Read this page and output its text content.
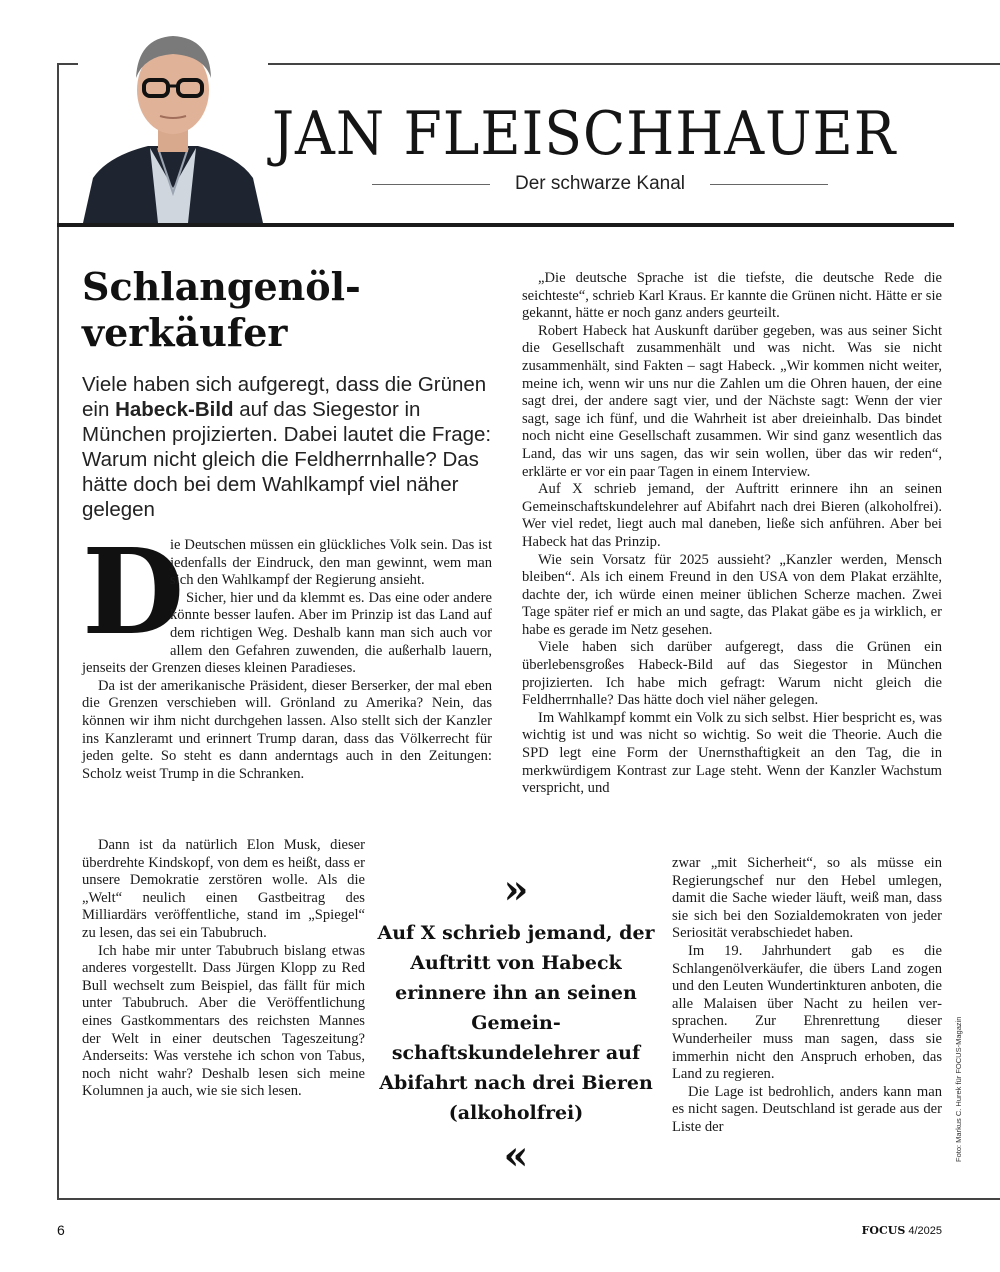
JAN FLEISCHHAUER
Der schwarze Kanal
Schlangenöl-
verkäufer
Viele haben sich aufgeregt, dass die Grünen ein Habeck-Bild auf das Siegestor in München projizierten. Dabei lautet die Frage: Warum nicht gleich die Feldherrnhalle? Das hätte doch bei dem Wahlkampf viel näher gelegen
D

ie Deutschen müssen ein glückliches Volk sein. Das ist jedenfalls der Eindruck, den man gewinnt, wem man sich den Wahlkampf der Regierung ansieht.

Sicher, hier und da klemmt es. Das eine oder andere könnte besser laufen. Aber im Prinzip ist das Land auf dem richtigen Weg. Deshalb kann man sich auch vor allem den Gefahren zuwenden, die außerhalb lauern, jenseits der Grenzen dieses kleinen Paradieses.

Da ist der amerikanische Präsident, dieser Berserker, der mal eben die Grenzen verschieben will. Grönland zu Amerika? Nein, das können wir ihm nicht durchgehen lassen. Also stellt sich der Kanzler ins Kanzleramt und erinnert Trump daran, dass das Völkerrecht für jeden gelte. So steht es dann anderntags auch in den Zeitungen: Scholz weist Trump in die Schranken.

Dann ist da natürlich Elon Musk, dieser überdrehte Kindskopf, von dem es heißt, dass er unsere Demokratie zerstören wolle. Als die „Welt“ neulich einen Gastbeitrag des Milliardärs veröffentliche, stand im „Spiegel“ zu lesen, das sei ein Tabubruch.

Ich habe mir unter Tabubruch bislang etwas anderes vorgestellt. Dass Jürgen Klopp zu Red Bull wechselt zum Beispiel, das fällt für mich unter Tabubruch. Aber die Veröffentlichung eines Gastkommentars des reichsten Mannes der Welt in einer deutschen Tageszeitung? Anderseits: Was verstehe ich schon von Tabus, noch nicht wahr? Deshalb lesen sich meine Kolumnen ja auch, wie sie sich lesen.

„Die deutsche Sprache ist die tiefste, die deutsche Rede die seichteste“, schrieb Karl Kraus. Er kannte die Grünen nicht. Hätte er sie gekannt, hätte er noch ganz anders geurteilt.

Robert Habeck hat Auskunft darüber gegeben, was aus seiner Sicht die Gesellschaft zusammenhält und was nicht. Was sie nicht zusammenhält, sind Fakten – sagt Habeck. „Wir kommen nicht weiter, meine ich, wenn wir uns nur die Zahlen um die Ohren hauen, der eine sagt drei, der andere sagt vier, und der Nächste sagt: Wenn der vier sagt, sage ich fünf, und die Wahrheit ist aber dreieinhalb. Das bindet noch nicht eine Gesellschaft zusammen. Wir sind ganz wesentlich das Land, das wir uns sagen, das wir sein wollen, über das wir reden“, erklärte er vor ein paar Tagen in einem Interview.

Auf X schrieb jemand, der Auftritt erinnere ihn an seinen Gemeinschaftskundelehrer auf Abifahrt nach drei Bieren (alkoholfrei). Wer viel redet, liegt auch mal daneben, ließe sich anführen. Aber bei Habeck hat das Prinzip.

Wie sein Vorsatz für 2025 aussieht? „Kanzler werden, Mensch bleiben“. Als ich einem Freund in den USA von dem Plakat erzählte, dachte der, ich würde einen meiner üblichen Scherze machen. Zwei Tage später rief er mich an und sagte, das Plakat gäbe es ja wirklich, er habe es gerade im Netz gesehen.

Viele haben sich darüber aufgeregt, dass die Grünen ein überlebensgroßes Habeck-Bild auf das Siegestor in München projizierten. Ich habe mich gefragt: Warum nicht gleich die Feldherrnhalle? Das hätte doch viel näher gelegen.

Im Wahlkampf kommt ein Volk zu sich selbst. Hier bespricht es, was wichtig ist und was nicht so wichtig. So weit die Theorie. Auch die SPD legt eine Form der Unernsthaftigkeit an den Tag, die in merkwürdigem Kontrast zur Lage steht. Wenn der Kanzler Wachstum verspricht, und

zwar „mit Sicherheit“, so als müsse ein Regierungschef nur den Hebel umlegen, damit die Sache wieder läuft, weiß man, dass sie sich bei den Sozialdemokraten von jeder Seriosität verabschiedet haben.

Im 19. Jahrhundert gab es die Schlangenölverkäufer, die übers Land zogen und den Leuten Wundertinkturen anboten, die alle Malaisen über Nacht zu heilen versprachen. Zur Ehrenrettung dieser Wunderheiler muss man sagen, dass sie immerhin nicht den Anspruch erhoben, das Land zu regieren.

Die Lage ist bedrohlich, anders kann man es nicht sagen. Deutschland ist gerade aus der Liste der

»
Auf X schrieb jemand, der Auftritt von Habeck erinnere ihn an seinen Gemeinschaftskundelehrer auf Abifahrt nach drei Bieren (alkoholfrei)
«	Foto: Markus C. Hurek für FOCUS-Magazin
6	FOCUS 4/2025
